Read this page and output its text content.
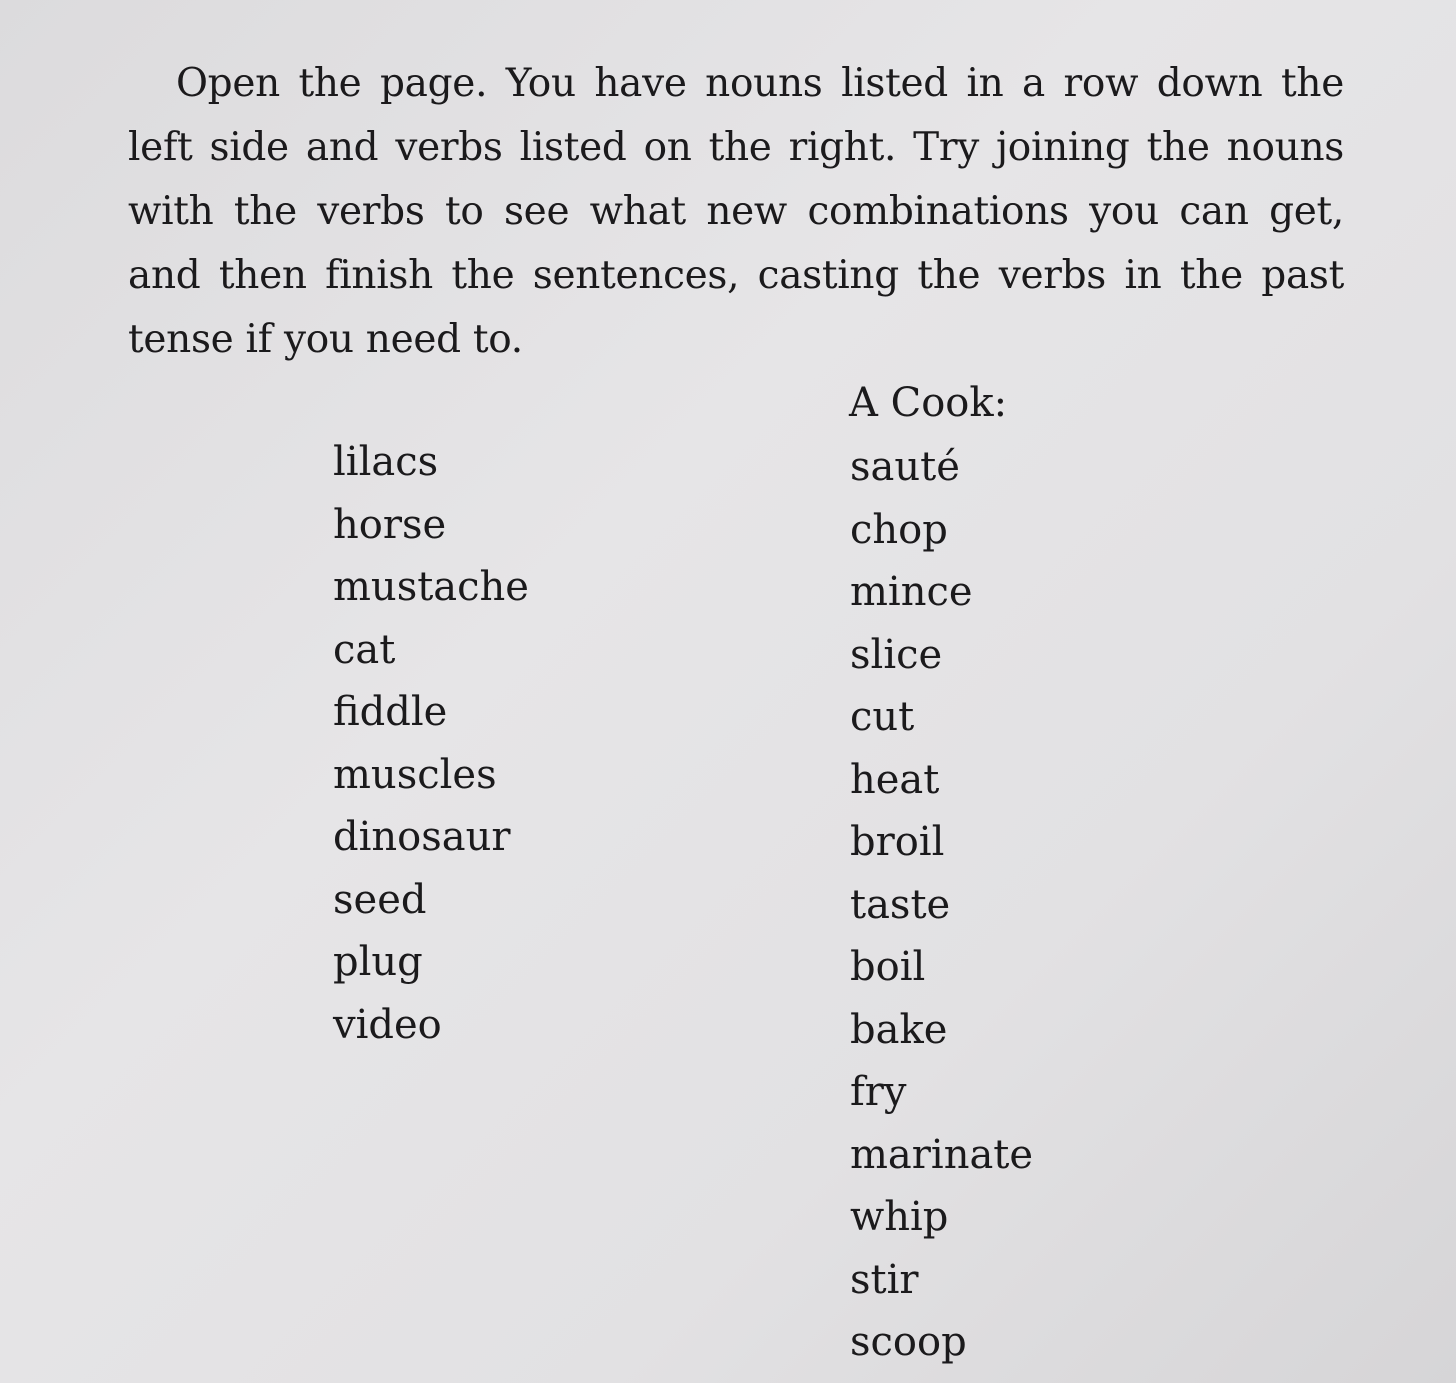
Open the page. You have nouns listed in a row down the left side and verbs listed on the right. Try joining the nouns with the verbs to see what new combinations you can get, and then finish the sentences, casting the verbs in the past tense if you need to.

lilacs
horse
mustache
cat
fiddle
muscles
dinosaur
seed
plug
video
A Cook:
sauté
chop
mince
slice
cut
heat
broil
taste
boil
bake
fry
marinate
whip
stir
scoop
